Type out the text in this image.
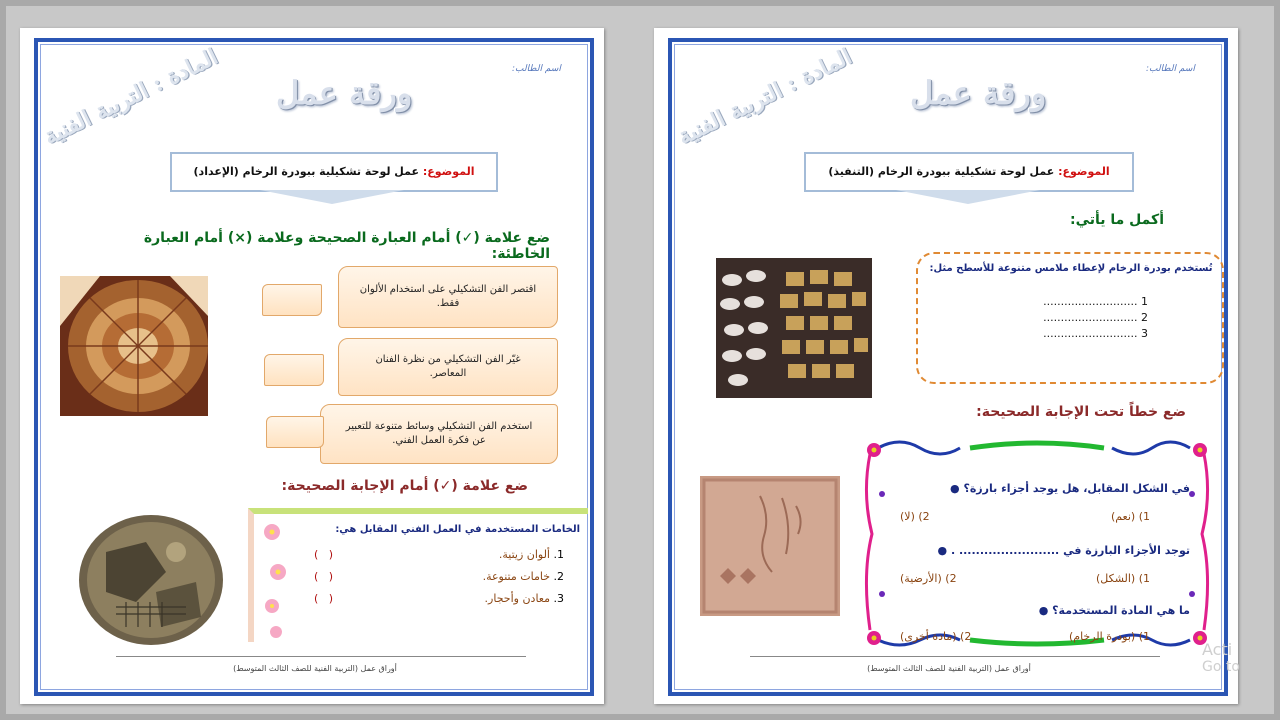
اسم الطالب:
المادة : التربية الفنية ورقة عمل
الموضوع: عمل لوحة تشكيلية ببودرة الرخام (الإعداد)
ضع علامة (✓) أمام العبارة الصحيحة وعلامة (×) أمام العبارة الخاطئة:
اقتصر الفن التشكيلي على استخدام الألوان فقط.
غيّر الفن التشكيلي من نظرة الفنان المعاصر.
استخدم الفن التشكيلي وسائط متنوعة للتعبير عن فكرة العمل الفني.
ضع علامة (✓) أمام الإجابة الصحيحة:
الخامات المستخدمة في العمل الفني المقابل هي:
1. ألوان زيتية.
(   )
2. خامات متنوعة.
(   )
3. معادن وأحجار.
(   )
أوراق عمل (التربية الفنية للصف الثالث المتوسط)
اسم الطالب:
المادة : التربية الفنية ورقة عمل
الموضوع: عمل لوحة تشكيلية ببودرة الرخام (التنفيذ)
أكمل ما يأتي:
تُستخدم بودرة الرخام لإعطاء ملامس متنوعة للأسطح مثل:
1 ...........................
2 ...........................
3 ...........................
ضع خطاً تحت الإجابة الصحيحة:
في الشكل المقابل، هل يوجد أجزاء بارزة؟ ●
1) (نعم)
2) (لا)
توجد الأجزاء البارزة في ........................ . ●
1) (الشكل)
2) (الأرضية)
ما هي المادة المستخدمة؟ ●
1) (بودرة الرخام)
2) (مادة أخرى)
أوراق عمل (التربية الفنية للصف الثالث المتوسط)
Acti
Go to
